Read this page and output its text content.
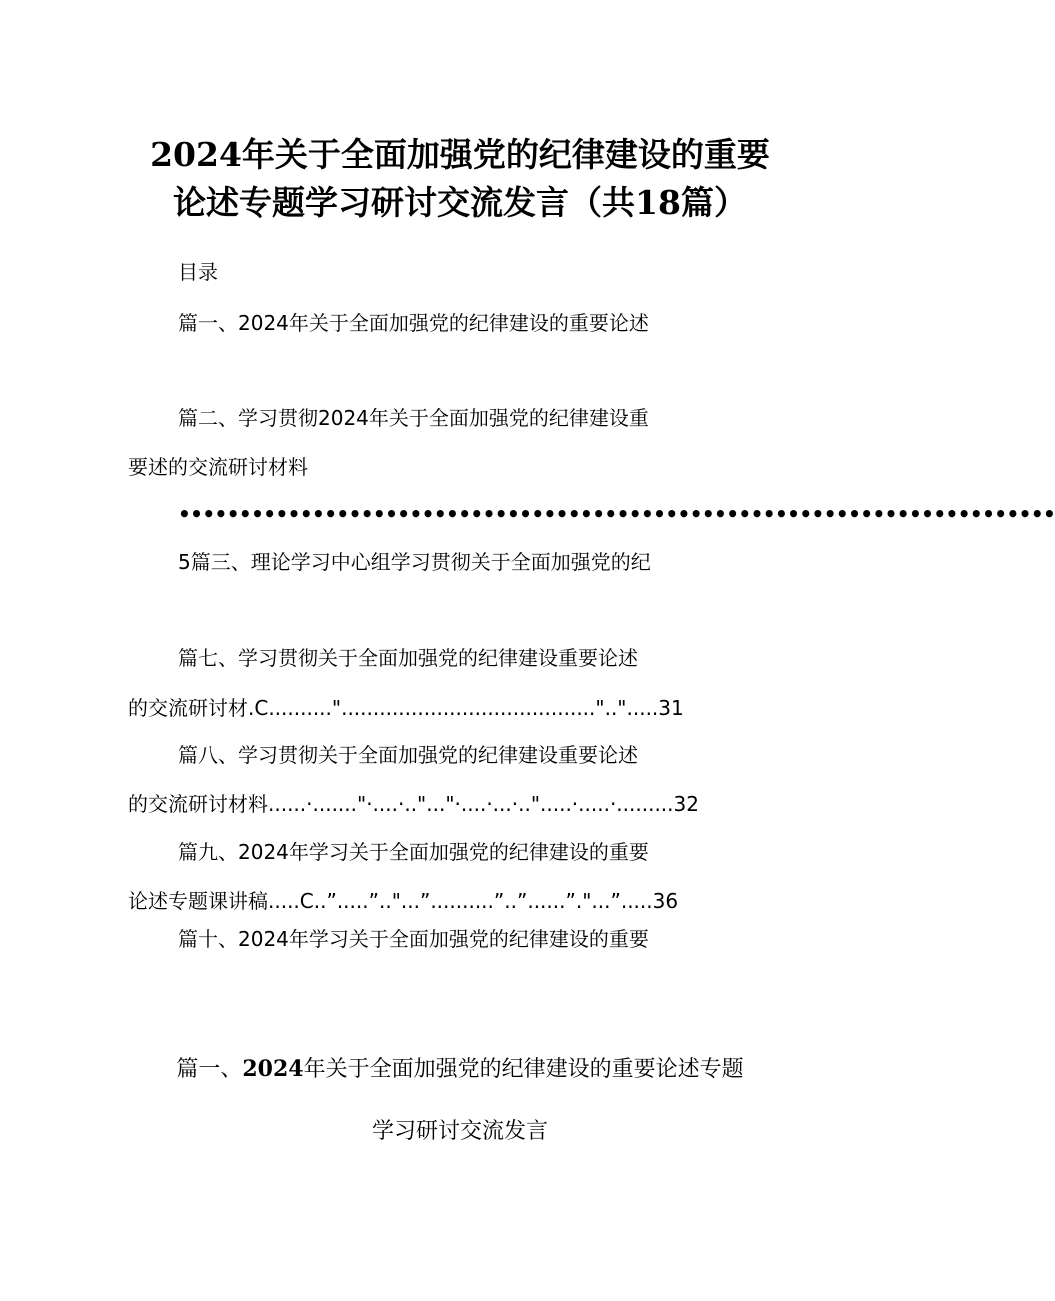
2024年关于全面加强党的纪律建设的重要
论述专题学习研讨交流发言（共18篇）
目录
篇一、2024年关于全面加强党的纪律建设的重要论述
篇二、学习贯彻2024年关于全面加强党的纪律建设重
要述的交流研讨材料
••••••••••••••••••••••••••••••••••••••••••••••••••••••••••••••••••••••••
5篇三、理论学习中心组学习贯彻关于全面加强党的纪
篇七、学习贯彻关于全面加强党的纪律建设重要论述
的交流研讨材.C.........."........................................"..".....31
篇八、学习贯彻关于全面加强党的纪律建设重要论述
的交流研讨材料......·......."·....·.."..."·....·...·..".....·.....·.........32
篇九、2024年学习关于全面加强党的纪律建设的重要
论述专题课讲稿.....C..”.....”.."...”..........”..”......”."...”.....36
篇十、2024年学习关于全面加强党的纪律建设的重要
篇一、2024年关于全面加强党的纪律建设的重要论述专题
学习研讨交流发言
